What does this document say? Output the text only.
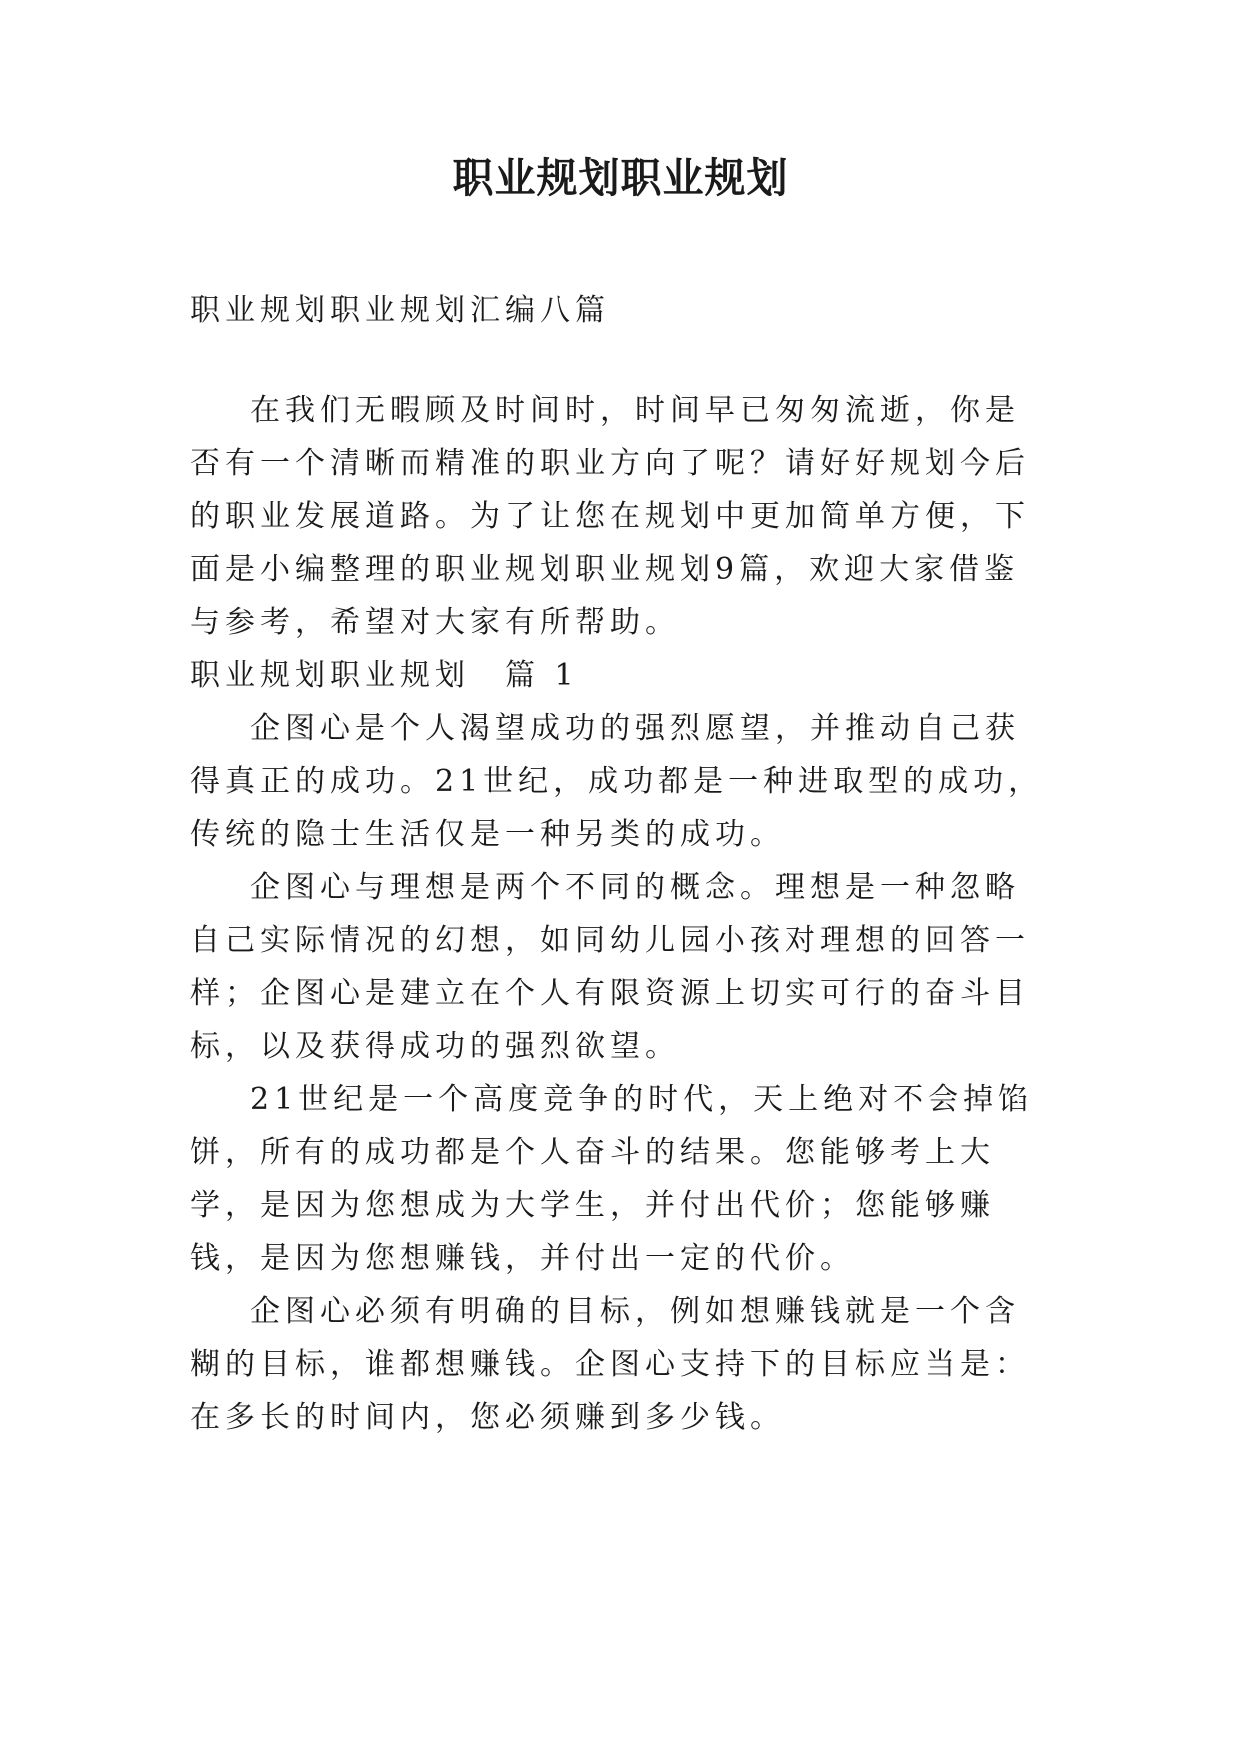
职业规划职业规划

职业规划职业规划汇编八篇

在我们无暇顾及时间时，时间早已匆匆流逝，你是否有一个清晰而精准的职业方向了呢？请好好规划今后的职业发展道路。为了让您在规划中更加简单方便，下面是小编整理的职业规划职业规划9篇，欢迎大家借鉴与参考，希望对大家有所帮助。

职业规划职业规划　篇 1

企图心是个人渴望成功的强烈愿望，并推动自己获得真正的成功。21世纪，成功都是一种进取型的成功，传统的隐士生活仅是一种另类的成功。

企图心与理想是两个不同的概念。理想是一种忽略自己实际情况的幻想，如同幼儿园小孩对理想的回答一样；企图心是建立在个人有限资源上切实可行的奋斗目标，以及获得成功的强烈欲望。

21世纪是一个高度竞争的时代，天上绝对不会掉馅饼，所有的成功都是个人奋斗的结果。您能够考上大学，是因为您想成为大学生，并付出代价；您能够赚钱，是因为您想赚钱，并付出一定的代价。

企图心必须有明确的目标，例如想赚钱就是一个含糊的目标，谁都想赚钱。企图心支持下的目标应当是：在多长的时间内，您必须赚到多少钱。
